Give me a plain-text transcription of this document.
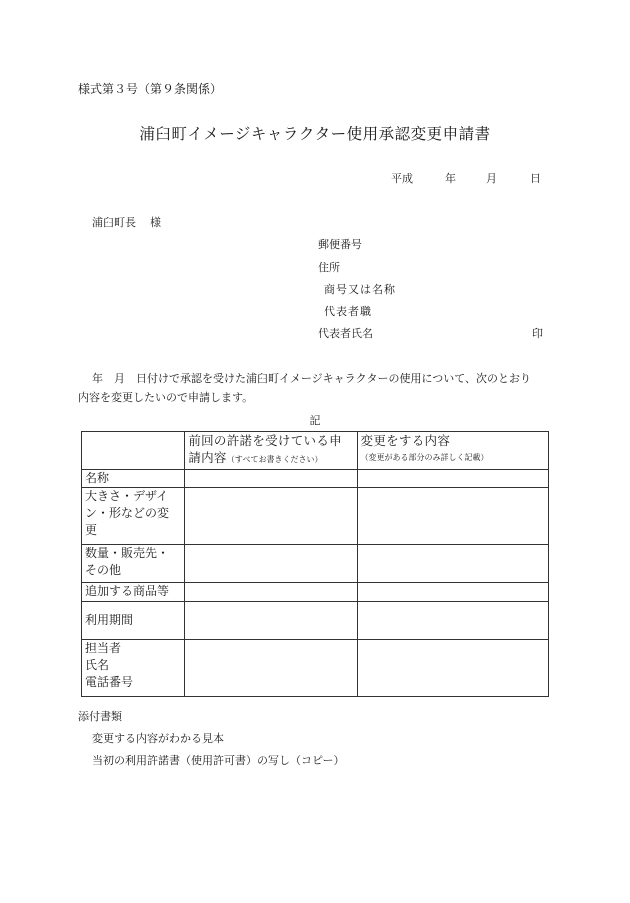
様式第３号（第９条関係）
浦臼町イメージキャラクター使用承認変更申請書
平成	年	月	日
浦臼町長 様
郵便番号
住所
商号又は名称
代表者職
代表者氏名	印
年　月　日付けで承認を受けた浦臼町イメージキャラクターの使用について、次のとおり
内容を変更したいので申請します。
記

	前回の許諾を受けている申
請内容（すべてお書きください）	変更をする内容
（変更がある部分のみ詳しく記載）

名称		

大きさ・デザイ
ン・形などの変
更		

数量・販売先・
その他		

追加する商品等		
利用期間		

担当者
氏名
電話番号		

添付書類
変更する内容がわかる見本
当初の利用許諾書（使用許可書）の写し（コピー）
